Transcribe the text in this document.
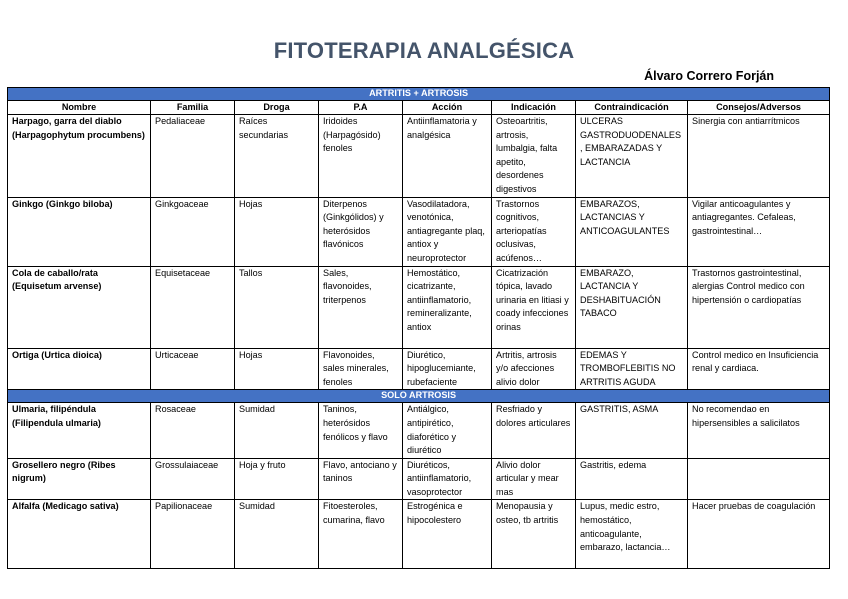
FITOTERAPIA ANALGÉSICA
Álvaro Correro Forján
ARTRITIS + ARTROSIS							
Nombre	Familia	Droga	P.A	Acción	Indicación	Contraindicación	Consejos/Adversos
Harpago, garra del diablo (Harpagophytum procumbens)	Pedaliaceae	Raíces secundarias	Iridoides (Harpagósido) fenoles	Antiinflamatoria y analgésica	Osteoartritis, artrosis, lumbalgia, falta apetito, desordenes digestivos	ULCERAS GASTRODUODENALES, EMBARAZADAS Y LACTANCIA	Sinergia con antiarrítmicos
Ginkgo (Ginkgo biloba)	Ginkgoaceae	Hojas	Diterpenos (Ginkgólidos) y heterósidos flavónicos	Vasodilatadora, venotónica, antiagregante plaq, antiox y neuroprotector	Trastornos cognitivos, arteriopatías oclusivas, acúfenos…	EMBARAZOS, LACTANCIAS Y ANTICOAGULANTES	Vigilar anticoagulantes y antiagregantes. Cefaleas, gastrointestinal…
Cola de caballo/rata (Equisetum arvense)	Equisetaceae	Tallos	Sales, flavonoides, triterpenos	Hemostático, cicatrizante, antiinflamatorio, remineralizante, antiox	Cicatrización tópica, lavado urinaria en litiasi y coady infecciones orinas	EMBARAZO, LACTANCIA Y DESHABITUACIÓN TABACO	Trastornos gastrointestinal, alergias Control medico con hipertensión o cardiopatías
Ortiga (Urtica dioica)	Urticaceae	Hojas	Flavonoides, sales minerales, fenoles	Diurético, hipoglucemiante, rubefaciente	Artritis, artrosis y/o afecciones alivio dolor	EDEMAS Y TROMBOFLEBITIS NO ARTRITIS AGUDA	Control medico en Insuficiencia renal y cardiaca.
SOLO ARTROSIS							
Ulmaria, filipéndula (Filipendula ulmaria)	Rosaceae	Sumidad	Taninos, heterósidos fenólicos y flavo	Antiálgico, antipirético, diaforético y diurético	Resfriado y dolores articulares	GASTRITIS, ASMA	No recomendao en hipersensibles a salicilatos
Grosellero negro (Ribes nigrum)	Grossulaiaceae	Hoja y fruto	Flavo, antociano y taninos	Diuréticos, antiinflamatorio, vasoprotector	Alivio dolor articular y mear mas	Gastritis, edema	
Alfalfa (Medicago sativa)	Papilionaceae	Sumidad	Fitoesteroles, cumarina, flavo	Estrogénica e hipocolestero	Menopausia y osteo, tb artritis	Lupus, medic estro, hemostático, anticoagulante, embarazo, lactancia…	Hacer pruebas de coagulación
